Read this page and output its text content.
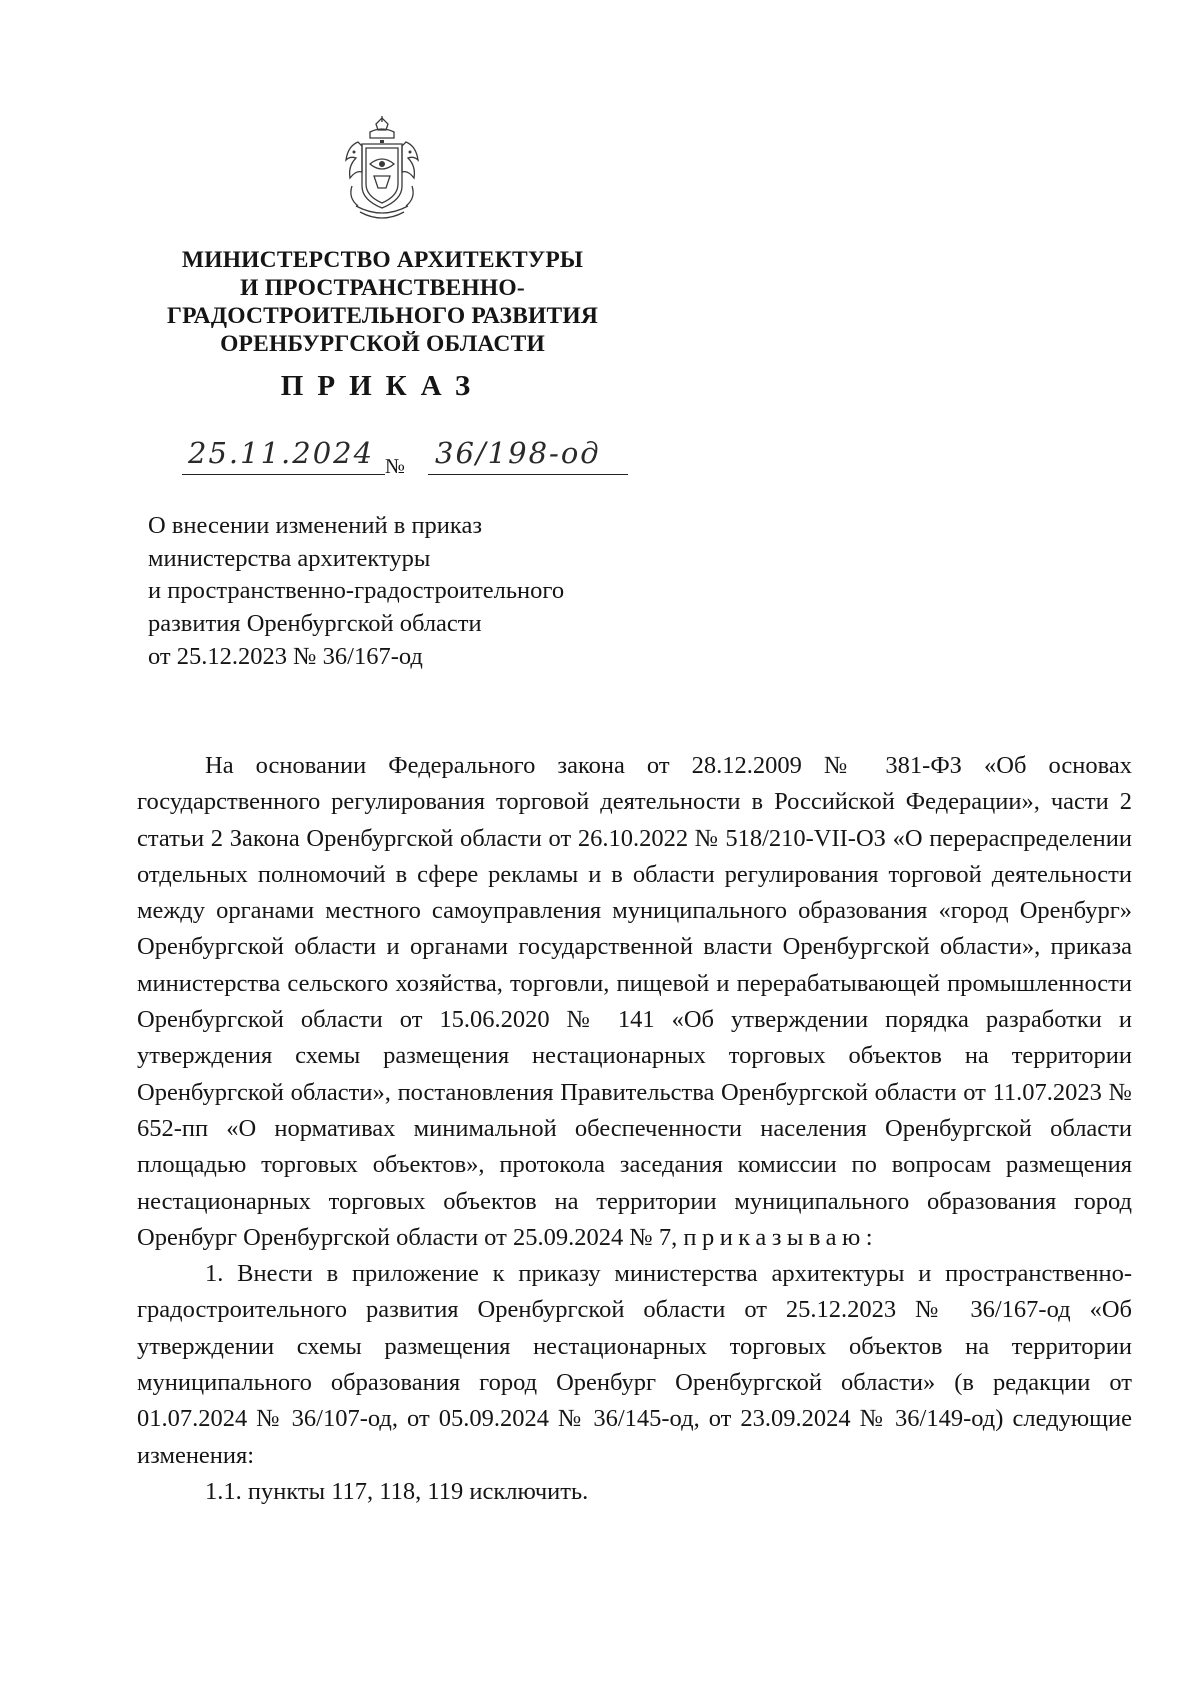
МИНИСТЕРСТВО АРХИТЕКТУРЫ
И ПРОСТРАНСТВЕННО-
ГРАДОСТРОИТЕЛЬНОГО РАЗВИТИЯ
ОРЕНБУРГСКОЙ ОБЛАСТИ
ПРИКАЗ
25.11.2024 № 36/198-од
О внесении изменений в приказ
министерства архитектуры
и пространственно-градостроительного
развития Оренбургской области
от 25.12.2023 № 36/167-од

На основании Федерального закона от 28.12.2009 № 381-ФЗ «Об основах государственного регулирования торговой деятельности в Российской Федерации», части 2 статьи 2 Закона Оренбургской области от 26.10.2022 № 518/210-VII-ОЗ «О перераспределении отдельных полномочий в сфере рекламы и в области регулирования торговой деятельности между органами местного самоуправления муниципального образования «город Оренбург» Оренбургской области и органами государственной власти Оренбургской области», приказа министерства сельского хозяйства, торговли, пищевой и перерабатывающей промышленности Оренбургской области от 15.06.2020 № 141 «Об утверждении порядка разработки и утверждения схемы размещения нестационарных торговых объектов на территории Оренбургской области», постановления Правительства Оренбургской области от 11.07.2023 № 652-пп «О нормативах минимальной обеспеченности населения Оренбургской области площадью торговых объектов», протокола заседания комиссии по вопросам размещения нестационарных торговых объектов на территории муниципального образования город Оренбург Оренбургской области от 25.09.2024 № 7, приказываю:

1. Внести в приложение к приказу министерства архитектуры и пространственно-градостроительного развития Оренбургской области от 25.12.2023 № 36/167-од «Об утверждении схемы размещения нестационарных торговых объектов на территории муниципального образования город Оренбург Оренбургской области» (в редакции от 01.07.2024 № 36/107-од, от 05.09.2024 № 36/145-од, от 23.09.2024 № 36/149-од) следующие изменения:

1.1. пункты 117, 118, 119 исключить.
